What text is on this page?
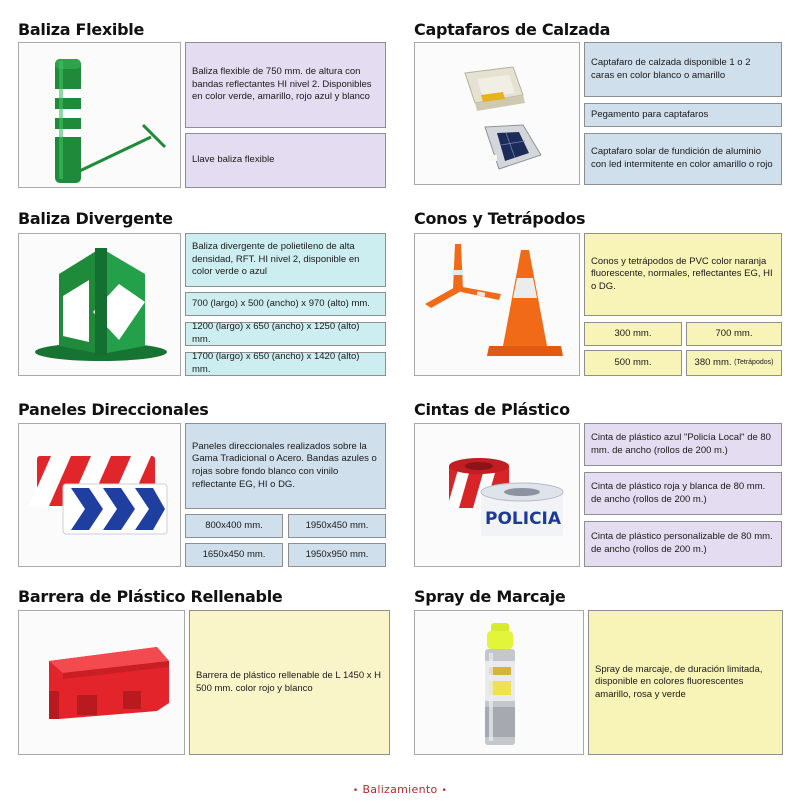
Baliza Flexible
Baliza flexible de 750 mm. de altura con bandas reflectantes HI nivel 2. Disponibles en color verde, amarillo, rojo azul y blanco
Llave baliza flexible
Captafaros de Calzada
Captafaro de calzada disponible 1 o 2 caras en color blanco o amarillo
Pegamento para captafaros
Captafaro solar de fundición de aluminio con led intermitente en color amarillo o rojo
Baliza Divergente
Baliza divergente de polietileno de alta densidad, RFT. HI nivel 2, disponible en color verde o azul
700 (largo) x 500 (ancho) x 970 (alto) mm.
1200 (largo) x 650 (ancho) x 1250 (alto) mm.
1700 (largo) x 650 (ancho) x 1420 (alto) mm.
Conos y Tetrápodos
Conos y tetrápodos de PVC color naranja fluorescente, normales, reflectantes EG, HI o DG.
300 mm.	700 mm.
500 mm.	380 mm.
(Tetrápodos)
Paneles Direccionales
Paneles direccionales realizados sobre la Gama Tradicional o Acero. Bandas azules o rojas sobre fondo blanco con vinilo reflectante EG, HI o DG.
800x400 mm.	1950x450 mm.
1650x450 mm.	1950x950 mm.
Cintas de Plástico
POLICIA
Cinta de plástico azul "Policía Local" de 80 mm. de ancho (rollos de 200 m.)
Cinta de plástico roja y blanca de 80 mm. de ancho (rollos de 200 m.)
Cinta de plástico personalizable de 80 mm. de ancho (rollos de 200 m.)
Barrera de Plástico Rellenable
Barrera de plástico rellenable de L 1450 x H 500 mm. color rojo y blanco
Spray de Marcaje
Spray de marcaje, de duración limitada, disponible en colores fluorescentes amarillo, rosa y verde
• Balizamiento •
